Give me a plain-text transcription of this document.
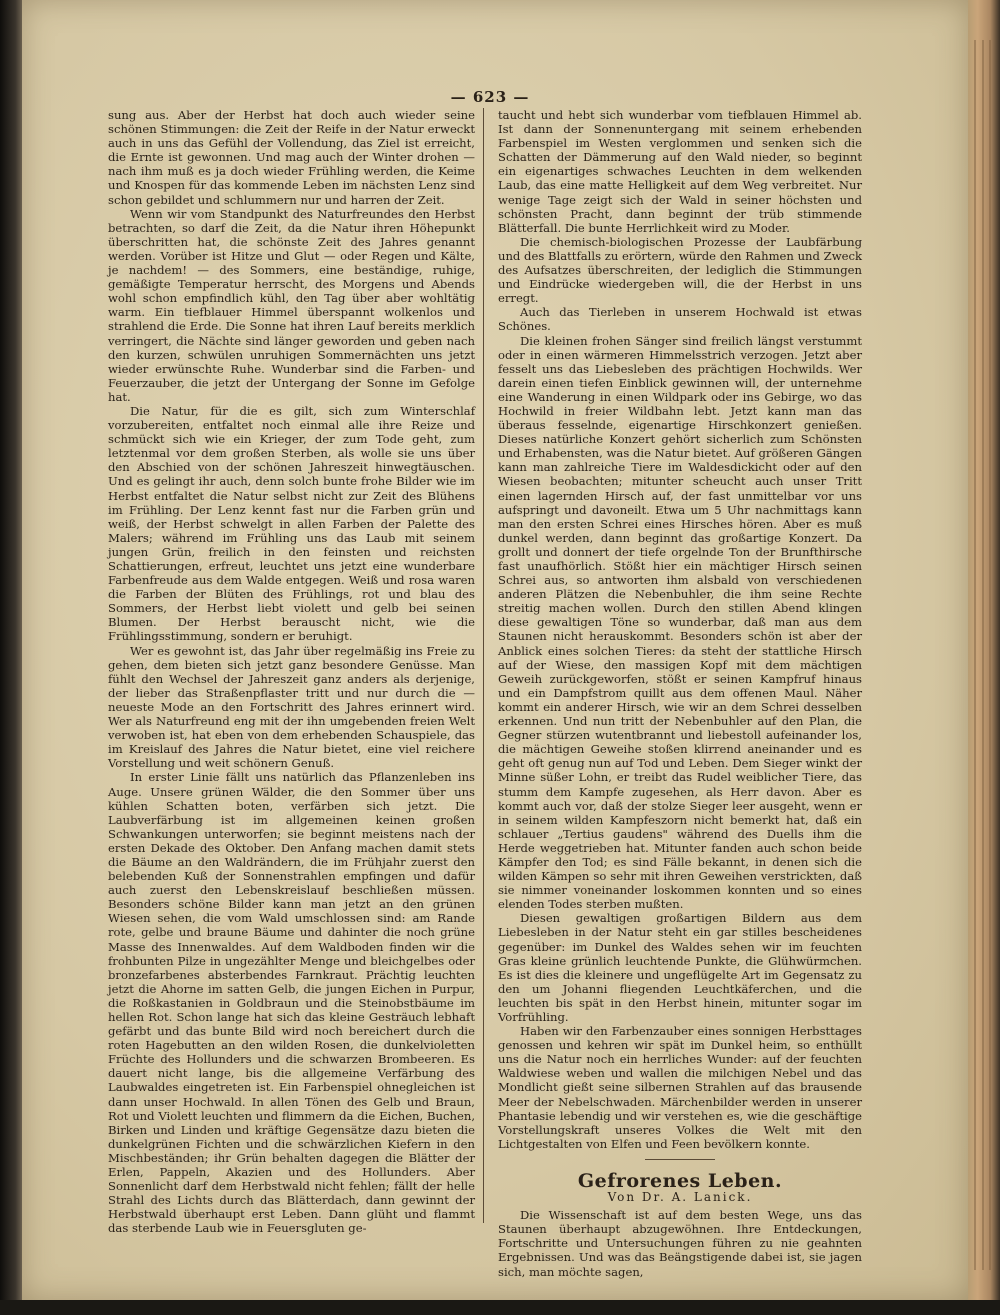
— 623 —

sung aus. Aber der Herbst hat doch auch wieder seine schönen Stimmungen: die Zeit der Reife in der Natur erweckt auch in uns das Gefühl der Vollendung, das Ziel ist erreicht, die Ernte ist gewonnen. Und mag auch der Winter drohen — nach ihm muß es ja doch wieder Frühling werden, die Keime und Knospen für das kommende Leben im nächsten Lenz sind schon gebildet und schlummern nur und harren der Zeit.

Wenn wir vom Standpunkt des Naturfreundes den Herbst betrachten, so darf die Zeit, da die Natur ihren Höhepunkt überschritten hat, die schönste Zeit des Jahres genannt werden. Vorüber ist Hitze und Glut — oder Regen und Kälte, je nachdem! — des Sommers, eine beständige, ruhige, gemäßigte Temperatur herrscht, des Morgens und Abends wohl schon empfindlich kühl, den Tag über aber wohltätig warm. Ein tiefblauer Himmel überspannt wolkenlos und strahlend die Erde. Die Sonne hat ihren Lauf bereits merklich verringert, die Nächte sind länger geworden und geben nach den kurzen, schwülen unruhigen Sommernächten uns jetzt wieder erwünschte Ruhe. Wunderbar sind die Farben- und Feuerzauber, die jetzt der Untergang der Sonne im Gefolge hat.

Die Natur, für die es gilt, sich zum Winterschlaf vorzubereiten, entfaltet noch einmal alle ihre Reize und schmückt sich wie ein Krieger, der zum Tode geht, zum letztenmal vor dem großen Sterben, als wolle sie uns über den Abschied von der schönen Jahreszeit hinwegtäuschen. Und es gelingt ihr auch, denn solch bunte frohe Bilder wie im Herbst entfaltet die Natur selbst nicht zur Zeit des Blühens im Frühling. Der Lenz kennt fast nur die Farben grün und weiß, der Herbst schwelgt in allen Farben der Palette des Malers; während im Frühling uns das Laub mit seinem jungen Grün, freilich in den feinsten und reichsten Schattierungen, erfreut, leuchtet uns jetzt eine wunderbare Farbenfreude aus dem Walde entgegen. Weiß und rosa waren die Farben der Blüten des Frühlings, rot und blau des Sommers, der Herbst liebt violett und gelb bei seinen Blumen. Der Herbst berauscht nicht, wie die Frühlingsstimmung, sondern er beruhigt.

Wer es gewohnt ist, das Jahr über regelmäßig ins Freie zu gehen, dem bieten sich jetzt ganz besondere Genüsse. Man fühlt den Wechsel der Jahreszeit ganz anders als derjenige, der lieber das Straßenpflaster tritt und nur durch die — neueste Mode an den Fortschritt des Jahres erinnert wird. Wer als Naturfreund eng mit der ihn umgebenden freien Welt verwoben ist, hat eben von dem erhebenden Schauspiele, das im Kreislauf des Jahres die Natur bietet, eine viel reichere Vorstellung und weit schönern Genuß.

In erster Linie fällt uns natürlich das Pflanzenleben ins Auge. Unsere grünen Wälder, die den Sommer über uns kühlen Schatten boten, verfärben sich jetzt. Die Laubverfärbung ist im allgemeinen keinen großen Schwankungen unterworfen; sie beginnt meistens nach der ersten Dekade des Oktober. Den Anfang machen damit stets die Bäume an den Waldrändern, die im Frühjahr zuerst den belebenden Kuß der Sonnenstrahlen empfingen und dafür auch zuerst den Lebenskreislauf beschließen müssen. Besonders schöne Bilder kann man jetzt an den grünen Wiesen sehen, die vom Wald umschlossen sind: am Rande rote, gelbe und braune Bäume und dahinter die noch grüne Masse des Innenwaldes. Auf dem Waldboden finden wir die frohbunten Pilze in ungezählter Menge und bleichgelbes oder bronzefarbenes absterbendes Farnkraut. Prächtig leuchten jetzt die Ahorne im satten Gelb, die jungen Eichen in Purpur, die Roßkastanien in Goldbraun und die Steinobstbäume im hellen Rot. Schon lange hat sich das kleine Gesträuch lebhaft gefärbt und das bunte Bild wird noch bereichert durch die roten Hagebutten an den wilden Rosen, die dunkelvioletten Früchte des Hollunders und die schwarzen Brombeeren. Es dauert nicht lange, bis die allgemeine Verfärbung des Laubwaldes eingetreten ist. Ein Farbenspiel ohnegleichen ist dann unser Hochwald. In allen Tönen des Gelb und Braun, Rot und Violett leuchten und flimmern da die Eichen, Buchen, Birken und Linden und kräftige Gegensätze dazu bieten die dunkelgrünen Fichten und die schwärzlichen Kiefern in den Mischbeständen; ihr Grün behalten dagegen die Blätter der Erlen, Pappeln, Akazien und des Hollunders. Aber Sonnenlicht darf dem Herbstwald nicht fehlen; fällt der helle Strahl des Lichts durch das Blätterdach, dann gewinnt der Herbstwald überhaupt erst Leben. Dann glüht und flammt das sterbende Laub wie in Feuersgluten ge-

taucht und hebt sich wunderbar vom tiefblauen Himmel ab. Ist dann der Sonnenuntergang mit seinem erhebenden Farbenspiel im Westen verglommen und senken sich die Schatten der Dämmerung auf den Wald nieder, so beginnt ein eigenartiges schwaches Leuchten in dem welkenden Laub, das eine matte Helligkeit auf dem Weg verbreitet. Nur wenige Tage zeigt sich der Wald in seiner höchsten und schönsten Pracht, dann beginnt der trüb stimmende Blätterfall. Die bunte Herrlichkeit wird zu Moder.

Die chemisch-biologischen Prozesse der Laubfärbung und des Blattfalls zu erörtern, würde den Rahmen und Zweck des Aufsatzes überschreiten, der lediglich die Stimmungen und Eindrücke wiedergeben will, die der Herbst in uns erregt.

Auch das Tierleben in unserem Hochwald ist etwas Schönes.

Die kleinen frohen Sänger sind freilich längst verstummt oder in einen wärmeren Himmelsstrich verzogen. Jetzt aber fesselt uns das Liebesleben des prächtigen Hochwilds. Wer darein einen tiefen Einblick gewinnen will, der unternehme eine Wanderung in einen Wildpark oder ins Gebirge, wo das Hochwild in freier Wildbahn lebt. Jetzt kann man das überaus fesselnde, eigenartige Hirschkonzert genießen. Dieses natürliche Konzert gehört sicherlich zum Schönsten und Erhabensten, was die Natur bietet. Auf größeren Gängen kann man zahlreiche Tiere im Waldesdickicht oder auf den Wiesen beobachten; mitunter scheucht auch unser Tritt einen lagernden Hirsch auf, der fast unmittelbar vor uns aufspringt und davoneilt. Etwa um 5 Uhr nachmittags kann man den ersten Schrei eines Hirsches hören. Aber es muß dunkel werden, dann beginnt das großartige Konzert. Da grollt und donnert der tiefe orgelnde Ton der Brunfthirsche fast unaufhörlich. Stößt hier ein mächtiger Hirsch seinen Schrei aus, so antworten ihm alsbald von verschiedenen anderen Plätzen die Nebenbuhler, die ihm seine Rechte streitig machen wollen. Durch den stillen Abend klingen diese gewaltigen Töne so wunderbar, daß man aus dem Staunen nicht herauskommt. Besonders schön ist aber der Anblick eines solchen Tieres: da steht der stattliche Hirsch auf der Wiese, den massigen Kopf mit dem mächtigen Geweih zurückgeworfen, stößt er seinen Kampfruf hinaus und ein Dampfstrom quillt aus dem offenen Maul. Näher kommt ein anderer Hirsch, wie wir an dem Schrei desselben erkennen. Und nun tritt der Nebenbuhler auf den Plan, die Gegner stürzen wutentbrannt und liebestoll aufeinander los, die mächtigen Geweihe stoßen klirrend aneinander und es geht oft genug nun auf Tod und Leben. Dem Sieger winkt der Minne süßer Lohn, er treibt das Rudel weiblicher Tiere, das stumm dem Kampfe zugesehen, als Herr davon. Aber es kommt auch vor, daß der stolze Sieger leer ausgeht, wenn er in seinem wilden Kampfeszorn nicht bemerkt hat, daß ein schlauer „Tertius gaudens" während des Duells ihm die Herde weggetrieben hat. Mitunter fanden auch schon beide Kämpfer den Tod; es sind Fälle bekannt, in denen sich die wilden Kämpen so sehr mit ihren Geweihen verstrickten, daß sie nimmer voneinander loskommen konnten und so eines elenden Todes sterben mußten.

Diesen gewaltigen großartigen Bildern aus dem Liebesleben in der Natur steht ein gar stilles bescheidenes gegenüber: im Dunkel des Waldes sehen wir im feuchten Gras kleine grünlich leuchtende Punkte, die Glühwürmchen. Es ist dies die kleinere und ungeflügelte Art im Gegensatz zu den um Johanni fliegenden Leuchtkäferchen, und die leuchten bis spät in den Herbst hinein, mitunter sogar im Vorfrühling.

Haben wir den Farbenzauber eines sonnigen Herbsttages genossen und kehren wir spät im Dunkel heim, so enthüllt uns die Natur noch ein herrliches Wunder: auf der feuchten Waldwiese weben und wallen die milchigen Nebel und das Mondlicht gießt seine silbernen Strahlen auf das brausende Meer der Nebelschwaden. Märchenbilder werden in unserer Phantasie lebendig und wir verstehen es, wie die geschäftige Vorstellungskraft unseres Volkes die Welt mit den Lichtgestalten von Elfen und Feen bevölkern konnte.

Gefrorenes Leben.
Von Dr. A. Lanick.

Die Wissenschaft ist auf dem besten Wege, uns das Staunen überhaupt abzugewöhnen. Ihre Entdeckungen, Fortschritte und Untersuchungen führen zu nie geahnten Ergebnissen. Und was das Beängstigende dabei ist, sie jagen sich, man möchte sagen,
